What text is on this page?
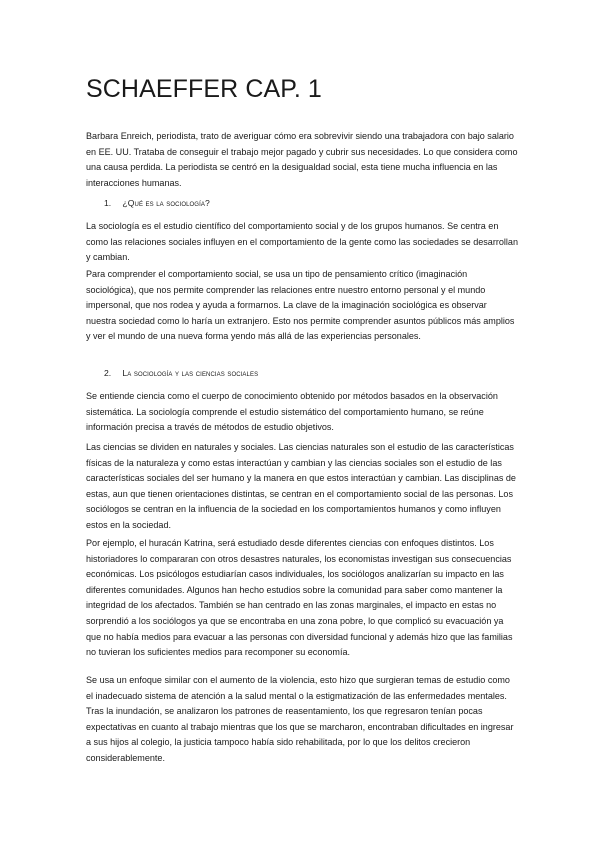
SCHAEFFER CAP. 1

Barbara Enreich, periodista, trato de averiguar cómo era sobrevivir siendo una trabajadora con bajo salario en EE. UU. Trataba de conseguir el trabajo mejor pagado y cubrir sus necesidades. Lo que considera como una causa perdida. La periodista se centró en la desigualdad social, esta tiene mucha influencia en las interacciones humanas.

1. ¿Qué es la sociología?

La sociología es el estudio científico del comportamiento social y de los grupos humanos. Se centra en como las relaciones sociales influyen en el comportamiento de la gente como las sociedades se desarrollan y cambian.

Para comprender el comportamiento social, se usa un tipo de pensamiento crítico (imaginación sociológica), que nos permite comprender las relaciones entre nuestro entorno personal y el mundo impersonal, que nos rodea y ayuda a formarnos. La clave de la imaginación sociológica es observar nuestra sociedad como lo haría un extranjero. Esto nos permite comprender asuntos públicos más amplios y ver el mundo de una nueva forma yendo más allá de las experiencias personales.

2. La sociología y las ciencias sociales

Se entiende ciencia como el cuerpo de conocimiento obtenido por métodos basados en la observación sistemática. La sociología comprende el estudio sistemático del comportamiento humano, se reúne información precisa a través de métodos de estudio objetivos.

Las ciencias se dividen en naturales y sociales. Las ciencias naturales son el estudio de las características físicas de la naturaleza y como estas interactúan y cambian y las ciencias sociales son el estudio de las características sociales del ser humano y la manera en que estos interactúan y cambian. Las disciplinas de estas, aun que tienen orientaciones distintas, se centran en el comportamiento social de las personas. Los sociólogos se centran en la influencia de la sociedad en los comportamientos humanos y como influyen estos en la sociedad.

Por ejemplo, el huracán Katrina, será estudiado desde diferentes ciencias con enfoques distintos. Los historiadores lo compararan con otros desastres naturales, los economistas investigan sus consecuencias económicas. Los psicólogos estudiarían casos individuales, los sociólogos analizarían su impacto en las diferentes comunidades. Algunos han hecho estudios sobre la comunidad para saber como mantener la integridad de los afectados. También se han centrado en las zonas marginales, el impacto en estas no sorprendió a los sociólogos ya que se encontraba en una zona pobre, lo que complicó su evacuación ya que no había medios para evacuar a las personas con diversidad funcional y además hizo que las familias no tuvieran los suficientes medios para recomponer su economía.

Se usa un enfoque similar con el aumento de la violencia, esto hizo que surgieran temas de estudio como el inadecuado sistema de atención a la salud mental o la estigmatización de las enfermedades mentales. Tras la inundación, se analizaron los patrones de reasentamiento, los que regresaron tenían pocas expectativas en cuanto al trabajo mientras que los que se marcharon, encontraban dificultades en ingresar a sus hijos al colegio, la justicia tampoco había sido rehabilitada, por lo que los delitos crecieron considerablemente.
